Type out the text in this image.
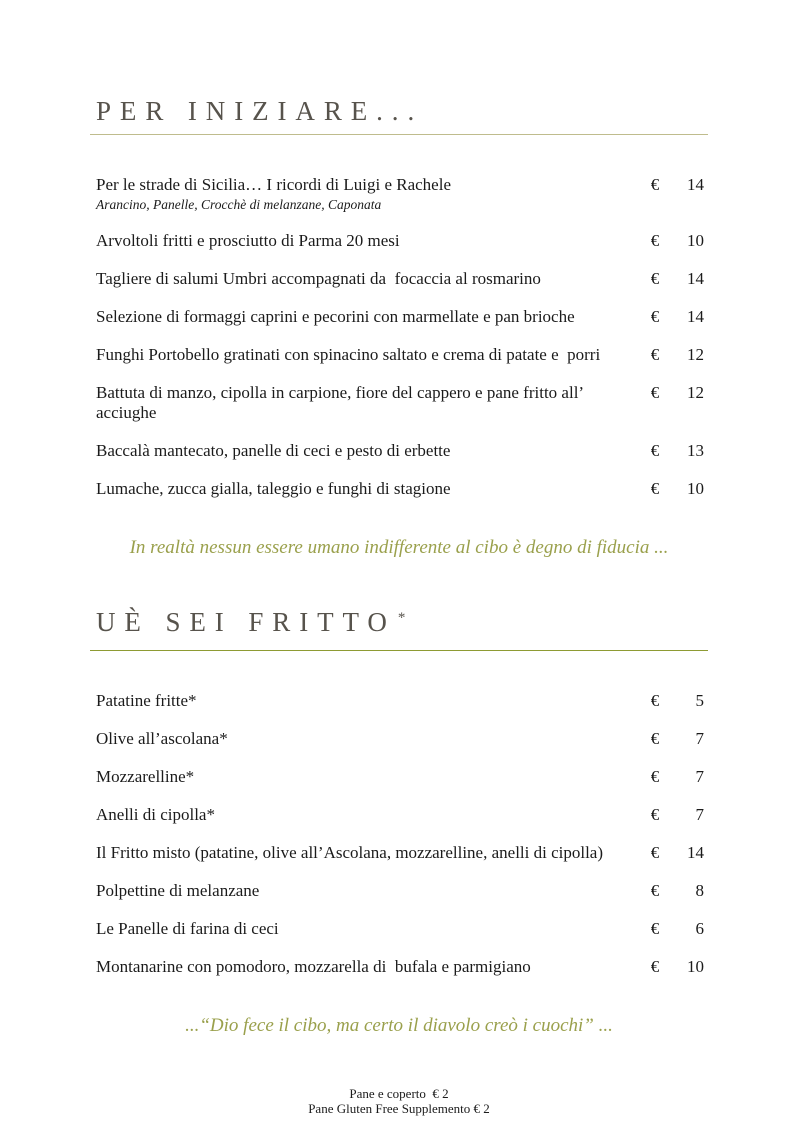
PER INIZIARE...
Per le strade di Sicilia… I ricordi di Luigi e Rachele
Arancino, Panelle, Crocchè di melanzane, Caponata
€	14
Arvoltoli fritti e prosciutto di Parma 20 mesi	€	10
Tagliere di salumi Umbri accompagnati da  focaccia al rosmarino	€	14
Selezione di formaggi caprini e pecorini con marmellate e pan brioche	€	14
Funghi Portobello gratinati con spinacino saltato e crema di patate e  porri	€	12
Battuta di manzo, cipolla in carpione, fiore del cappero e pane fritto all’ acciughe
€	12
Baccalà mantecato, panelle di ceci e pesto di erbette	€	13
Lumache, zucca gialla, taleggio e funghi di stagione	€	10
In realtà nessun essere umano indifferente al cibo è degno di fiducia ...
UÈ SEI FRITTO *
Patatine fritte*	€	5
Olive all’ascolana*	€	7
Mozzarelline*	€	7
Anelli di cipolla*	€	7
Il Fritto misto (patatine, olive all’Ascolana, mozzarelline, anelli di cipolla)	€	14
Polpettine di melanzane	€	8
Le Panelle di farina di ceci	€	6
Montanarine con pomodoro, mozzarella di  bufala e parmigiano	€	10
...“Dio fece il cibo, ma certo il diavolo creò i cuochi” ...
Pane e coperto  € 2
Pane Gluten Free Supplemento € 2
